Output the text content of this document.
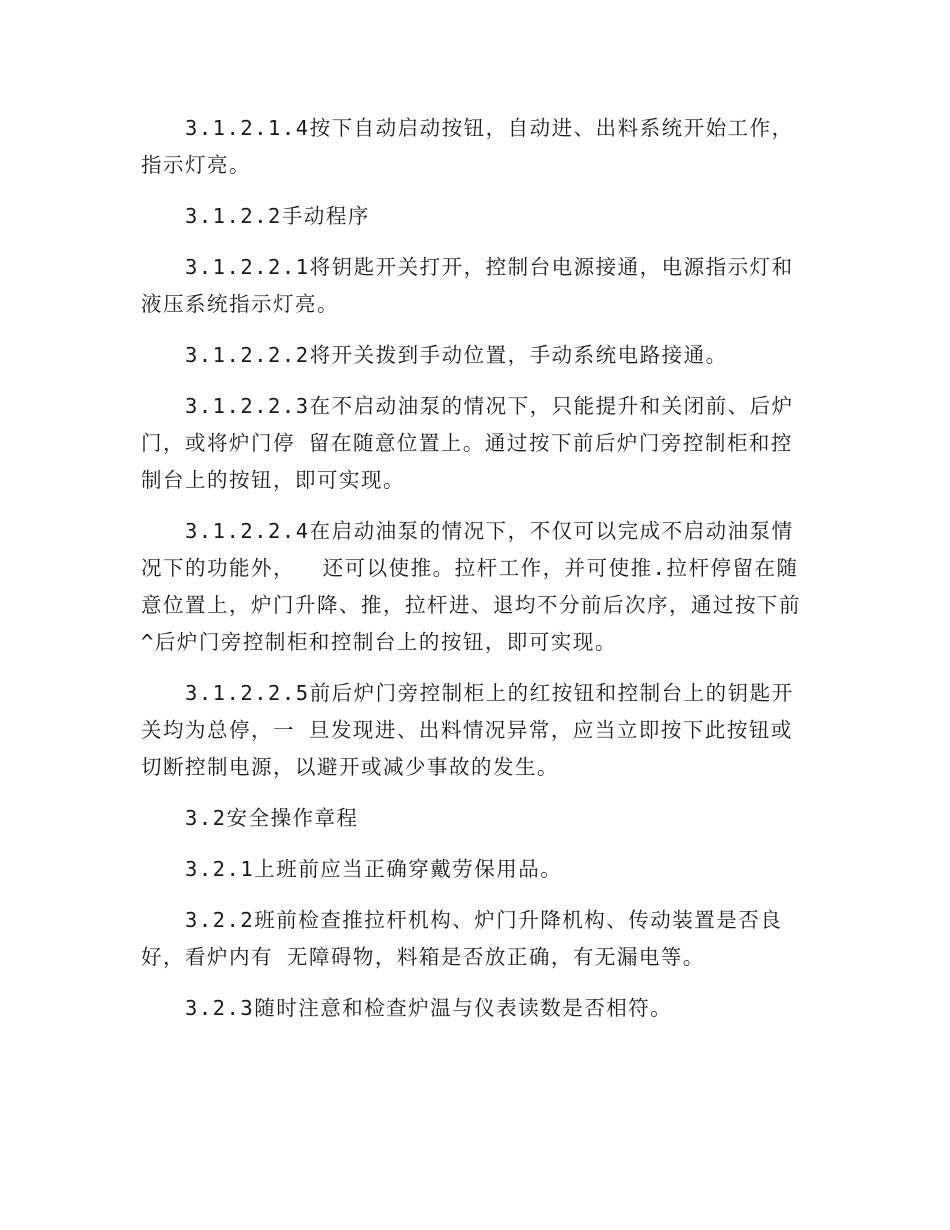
3.1.2.1.4按下自动启动按钮，自动进、出料系统开始工作，指示灯亮。

3.1.2.2手动程序

3.1.2.2.1将钥匙开关打开，控制台电源接通，电源指示灯和液压系统指示灯亮。

3.1.2.2.2将开关拨到手动位置，手动系统电路接通。

3.1.2.2.3在不启动油泵的情况下，只能提升和关闭前、后炉门，或将炉门停 留在随意位置上。通过按下前后炉门旁控制柜和控制台上的按钮，即可实现。

3.1.2.2.4在启动油泵的情况下，不仅可以完成不启动油泵情况下的功能外，  还可以使推。拉杆工作，并可使推.拉杆停留在随意位置上，炉门升降、推，拉杆进、退均不分前后次序，通过按下前^后炉门旁控制柜和控制台上的按钮，即可实现。

3.1.2.2.5前后炉门旁控制柜上的红按钮和控制台上的钥匙开关均为总停，一 旦发现进、出料情况异常，应当立即按下此按钮或切断控制电源，以避开或减少事故的发生。

3.2安全操作章程

3.2.1上班前应当正确穿戴劳保用品。

3.2.2班前检查推拉杆机构、炉门升降机构、传动装置是否良好，看炉内有 无障碍物，料箱是否放正确，有无漏电等。

3.2.3随时注意和检查炉温与仪表读数是否相符。
